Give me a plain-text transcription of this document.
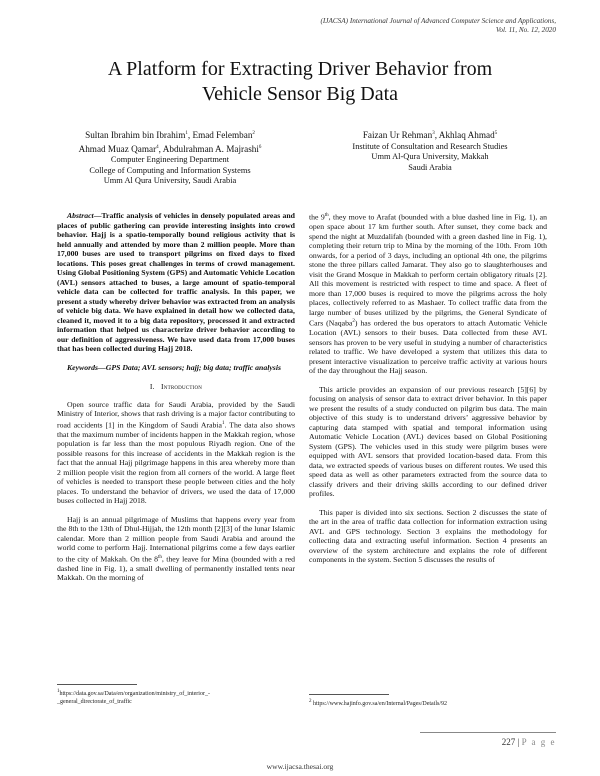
(IJACSA) International Journal of Advanced Computer Science and Applications,
Vol. 11, No. 12, 2020
A Platform for Extracting Driver Behavior from
Vehicle Sensor Big Data
Sultan Ibrahim bin Ibrahim$^1$, Emad Felemban$^2$
Ahmad Muaz Qamar$^4$, Abdulrahman A. Majrashi$^6$
Computer Engineering Department
College of Computing and Information Systems
Umm Al Qura University, Saudi Arabia
Faizan Ur Rehman$^3$, Akhlaq Ahmad$^5$
Institute of Consultation and Research Studies
Umm Al-Qura University, Makkah
Saudi Arabia

Abstract—Traffic analysis of vehicles in densely populated areas and places of public gathering can provide interesting insights into crowd behavior. Hajj is a spatio-temporally bound religious activity that is held annually and attended by more than 2 million people. More than 17,000 buses are used to transport pilgrims on fixed days to fixed locations. This poses great challenges in terms of crowd management. Using Global Positioning System (GPS) and Automatic Vehicle Location (AVL) sensors attached to buses, a large amount of spatio-temporal vehicle data can be collected for traffic analysis. In this paper, we present a study whereby driver behavior was extracted from an analysis of vehicle big data. We have explained in detail how we collected data, cleaned it, moved it to a big data repository, processed it and extracted information that helped us characterize driver behavior according to our definition of aggressiveness. We have used data from 17,000 buses that has been collected during Hajj 2018.

Keywords—GPS Data; AVL sensors; hajj; big data; traffic analysis

I. Introduction

Open source traffic data for Saudi Arabia, provided by the Saudi Ministry of Interior, shows that rash driving is a major factor contributing to road accidents [1] in the Kingdom of Saudi Arabia$^1$. The data also shows that the maximum number of incidents happen in the Makkah region, whose population is far less than the most populous Riyadh region. One of the possible reasons for this increase of accidents in the Makkah region is the fact that the annual Hajj pilgrimage happens in this area whereby more than 2 million people visit the region from all corners of the world. A large fleet of vehicles is needed to transport these people between cities and the holy places. To understand the behavior of drivers, we used the data of 17,000 buses collected in Hajj 2018.

Hajj is an annual pilgrimage of Muslims that happens every year from the 8th to the 13th of Dhul-Hijjah, the 12th month [2][3] of the lunar Islamic calendar. More than 2 million people from Saudi Arabia and around the world come to perform Hajj. International pilgrims come a few days earlier to the city of Makkah. On the 8th, they leave for Mina (bounded with a red dashed line in Fig. 1), a small dwelling of permanently installed tents near Makkah. On the morning of

the 9th, they move to Arafat (bounded with a blue dashed line in Fig. 1), an open space about 17 km further south. After sunset, they come back and spend the night at Muzdalifah (bounded with a green dashed line in Fig. 1), completing their return trip to Mina by the morning of the 10th. From 10th onwards, for a period of 3 days, including an optional 4th one, the pilgrims stone the three pillars called Jamarat. They also go to slaughterhouses and visit the Grand Mosque in Makkah to perform certain obligatory rituals [2]. All this movement is restricted with respect to time and space. A fleet of more than 17,000 buses is required to move the pilgrims across the holy places, collectively referred to as Mashaer. To collect traffic data from the large number of buses utilized by the pilgrims, the General Syndicate of Cars (Naqaba$^2$) has ordered the bus operators to attach Automatic Vehicle Location (AVL) sensors to their buses. Data collected from these AVL sensors has proven to be very useful in studying a number of characteristics related to traffic. We have developed a system that utilizes this data to present interactive visualization to perceive traffic activity at various hours of the day throughout the Hajj season.

This article provides an expansion of our previous research [5][6] by focusing on analysis of sensor data to extract driver behavior. In this paper we present the results of a study conducted on pilgrim bus data. The main objective of this study is to understand drivers’ aggressive behavior by capturing data stamped with spatial and temporal information using Automatic Vehicle Location (AVL) devices based on Global Positioning System (GPS). The vehicles used in this study were pilgrim buses were equipped with AVL sensors that provided location-based data. From this data, we extracted speeds of various buses on different routes. We used this speed data as well as other parameters extracted from the source data to classify drivers and their driving skills according to our defined driver profiles.

This paper is divided into six sections. Section 2 discusses the state of the art in the area of traffic data collection for information extraction using AVL and GPS technology. Section 3 explains the methodology for collecting data and extracting useful information. Section 4 presents an overview of the system architecture and explains the role of different components in the system. Section 5 discusses the results of

$^1$https://data.gov.sa/Data/en/organization/ministry_of_interior_-
_general_directorate_of_traffic	$^2$ https://www.hajinfo.gov.sa/en/Internal/Pages/Details/92
227 | P a g e
www.ijacsa.thesai.org
